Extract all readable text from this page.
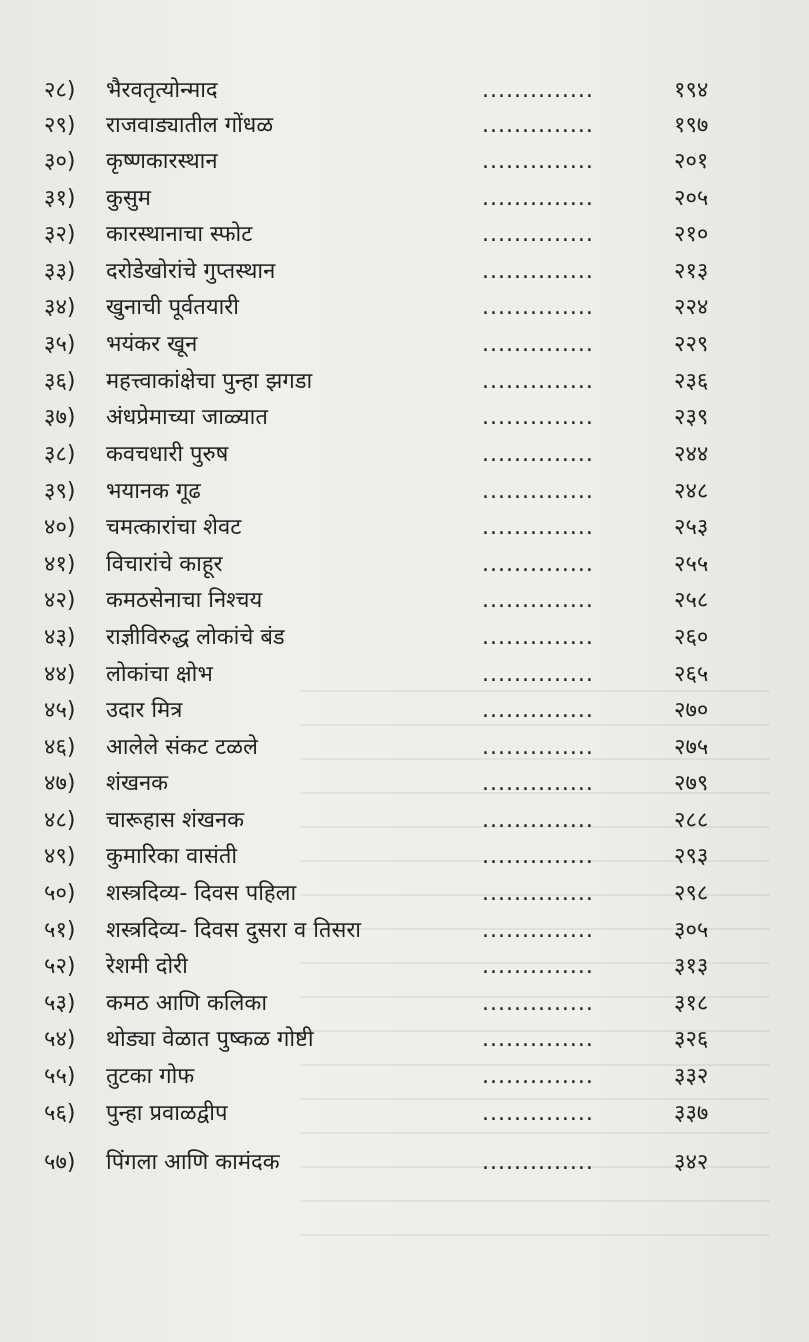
२८) भैरवतृत्योन्माद	..............	१९४
२९) राजवाड्यातील गोंधळ	..............	१९७
३०) कृष्णकारस्थान	..............	२०१
३१) कुसुम	..............	२०५
३२) कारस्थानाचा स्फोट	..............	२१०
३३) दरोडेखोरांचे गुप्तस्थान	..............	२१३
३४) खुनाची पूर्वतयारी	..............	२२४
३५) भयंकर खून	..............	२२९
३६) महत्त्वाकांक्षेचा पुन्हा झगडा	..............	२३६
३७) अंधप्रेमाच्या जाळ्यात	..............	२३९
३८) कवचधारी पुरुष	..............	२४४
३९) भयानक गूढ	..............	२४८
४०) चमत्कारांचा शेवट	..............	२५३
४१) विचारांचे काहूर	..............	२५५
४२) कमठसेनाचा निश्चय	..............	२५८
४३) राज्ञीविरुद्ध लोकांचे बंड	..............	२६०
४४) लोकांचा क्षोभ	..............	२६५
४५) उदार मित्र	..............	२७०
४६) आलेले संकट टळले	..............	२७५
४७) शंखनक	..............	२७९
४८) चारूहास शंखनक	..............	२८८
४९) कुमारिका वासंती	..............	२९३
५०) शस्त्रदिव्य- दिवस पहिला	..............	२९८
५१) शस्त्रदिव्य- दिवस दुसरा व तिसरा	..............	३०५
५२) रेशमी दोरी	..............	३१३
५३) कमठ आणि कलिका	..............	३१८
५४) थोड्या वेळात पुष्कळ गोष्टी	..............	३२६
५५) तुटका गोफ	..............	३३२
५६) पुन्हा प्रवाळद्वीप	..............	३३७
५७) पिंगला आणि कामंदक	..............	३४२
